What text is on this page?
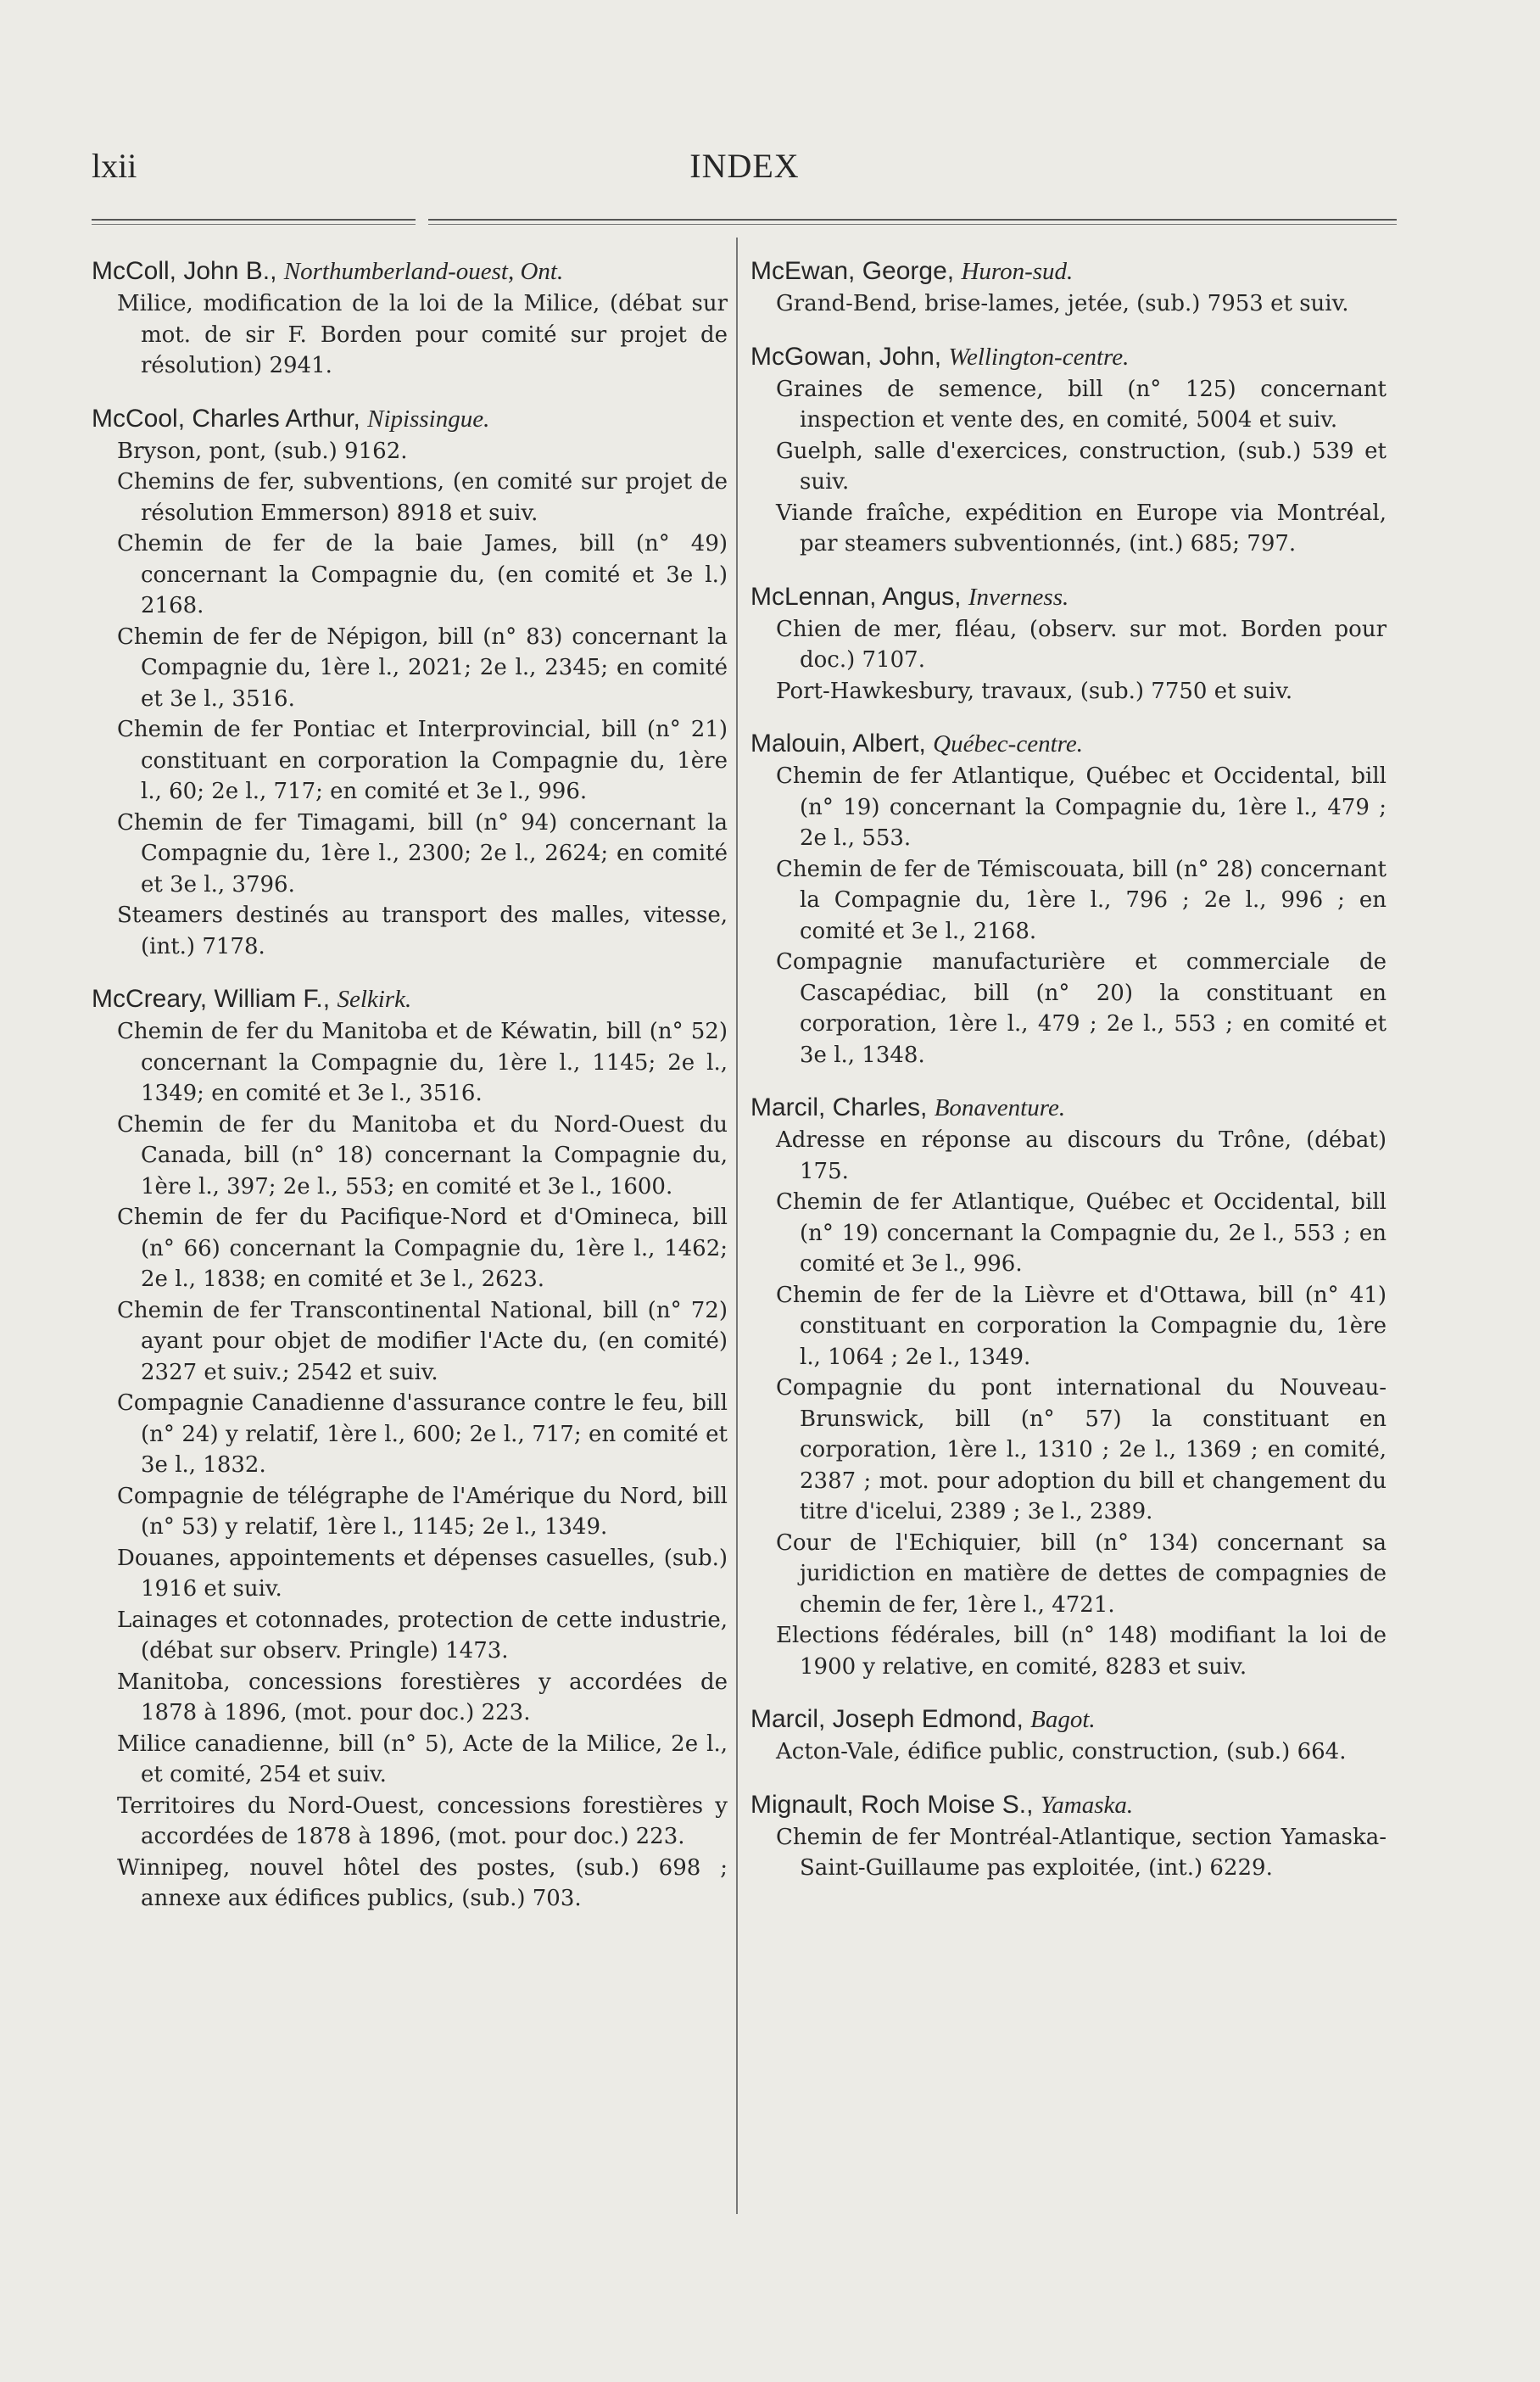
lxii	INDEX
McColl, John B., Northumberland-ouest, Ont.
Milice, modification de la loi de la Milice, (débat sur mot. de sir F. Borden pour comité sur projet de résolution) 2941.
McCool, Charles Arthur, Nipissingue.
Bryson, pont, (sub.) 9162.
Chemins de fer, subventions, (en comité sur projet de résolution Emmerson) 8918 et suiv.
Chemin de fer de la baie James, bill (n° 49) concernant la Compagnie du, (en comité et 3e l.) 2168.
Chemin de fer de Népigon, bill (n° 83) concernant la Compagnie du, 1ère l., 2021; 2e l., 2345; en comité et 3e l., 3516.
Chemin de fer Pontiac et Interprovincial, bill (n° 21) constituant en corporation la Compagnie du, 1ère l., 60; 2e l., 717; en comité et 3e l., 996.
Chemin de fer Timagami, bill (n° 94) concernant la Compagnie du, 1ère l., 2300; 2e l., 2624; en comité et 3e l., 3796.
Steamers destinés au transport des malles, vitesse, (int.) 7178.
McCreary, William F., Selkirk.
Chemin de fer du Manitoba et de Kéwatin, bill (n° 52) concernant la Compagnie du, 1ère l., 1145; 2e l., 1349; en comité et 3e l., 3516.
Chemin de fer du Manitoba et du Nord-Ouest du Canada, bill (n° 18) concernant la Compagnie du, 1ère l., 397; 2e l., 553; en comité et 3e l., 1600.
Chemin de fer du Pacifique-Nord et d'Omineca, bill (n° 66) concernant la Compagnie du, 1ère l., 1462; 2e l., 1838; en comité et 3e l., 2623.
Chemin de fer Transcontinental National, bill (n° 72) ayant pour objet de modifier l'Acte du, (en comité) 2327 et suiv.; 2542 et suiv.
Compagnie Canadienne d'assurance contre le feu, bill (n° 24) y relatif, 1ère l., 600; 2e l., 717; en comité et 3e l., 1832.
Compagnie de télégraphe de l'Amérique du Nord, bill (n° 53) y relatif, 1ère l., 1145; 2e l., 1349.
Douanes, appointements et dépenses casuelles, (sub.) 1916 et suiv.
Lainages et cotonnades, protection de cette industrie, (débat sur observ. Pringle) 1473.
Manitoba, concessions forestières y accordées de 1878 à 1896, (mot. pour doc.) 223.
Milice canadienne, bill (n° 5), Acte de la Milice, 2e l., et comité, 254 et suiv.
Territoires du Nord-Ouest, concessions forestières y accordées de 1878 à 1896, (mot. pour doc.) 223.
Winnipeg, nouvel hôtel des postes, (sub.) 698 ; annexe aux édifices publics, (sub.) 703.
McEwan, George, Huron-sud.
Grand-Bend, brise-lames, jetée, (sub.) 7953 et suiv.
McGowan, John, Wellington-centre.
Graines de semence, bill (n° 125) concernant inspection et vente des, en comité, 5004 et suiv.
Guelph, salle d'exercices, construction, (sub.) 539 et suiv.
Viande fraîche, expédition en Europe via Montréal, par steamers subventionnés, (int.) 685; 797.
McLennan, Angus, Inverness.
Chien de mer, fléau, (observ. sur mot. Borden pour doc.) 7107.
Port-Hawkesbury, travaux, (sub.) 7750 et suiv.
Malouin, Albert, Québec-centre.
Chemin de fer Atlantique, Québec et Occidental, bill (n° 19) concernant la Compagnie du, 1ère l., 479 ; 2e l., 553.
Chemin de fer de Témiscouata, bill (n° 28) concernant la Compagnie du, 1ère l., 796 ; 2e l., 996 ; en comité et 3e l., 2168.
Compagnie manufacturière et commerciale de Cascapédiac, bill (n° 20) la constituant en corporation, 1ère l., 479 ; 2e l., 553 ; en comité et 3e l., 1348.
Marcil, Charles, Bonaventure.
Adresse en réponse au discours du Trône, (débat) 175.
Chemin de fer Atlantique, Québec et Occidental, bill (n° 19) concernant la Compagnie du, 2e l., 553 ; en comité et 3e l., 996.
Chemin de fer de la Lièvre et d'Ottawa, bill (n° 41) constituant en corporation la Compagnie du, 1ère l., 1064 ; 2e l., 1349.
Compagnie du pont international du Nouveau-Brunswick, bill (n° 57) la constituant en corporation, 1ère l., 1310 ; 2e l., 1369 ; en comité, 2387 ; mot. pour adoption du bill et changement du titre d'icelui, 2389 ; 3e l., 2389.
Cour de l'Echiquier, bill (n° 134) concernant sa juridiction en matière de dettes de compagnies de chemin de fer, 1ère l., 4721.
Elections fédérales, bill (n° 148) modifiant la loi de 1900 y relative, en comité, 8283 et suiv.
Marcil, Joseph Edmond, Bagot.
Acton-Vale, édifice public, construction, (sub.) 664.
Mignault, Roch Moise S., Yamaska.
Chemin de fer Montréal-Atlantique, section Yamaska-Saint-Guillaume pas exploitée, (int.) 6229.
